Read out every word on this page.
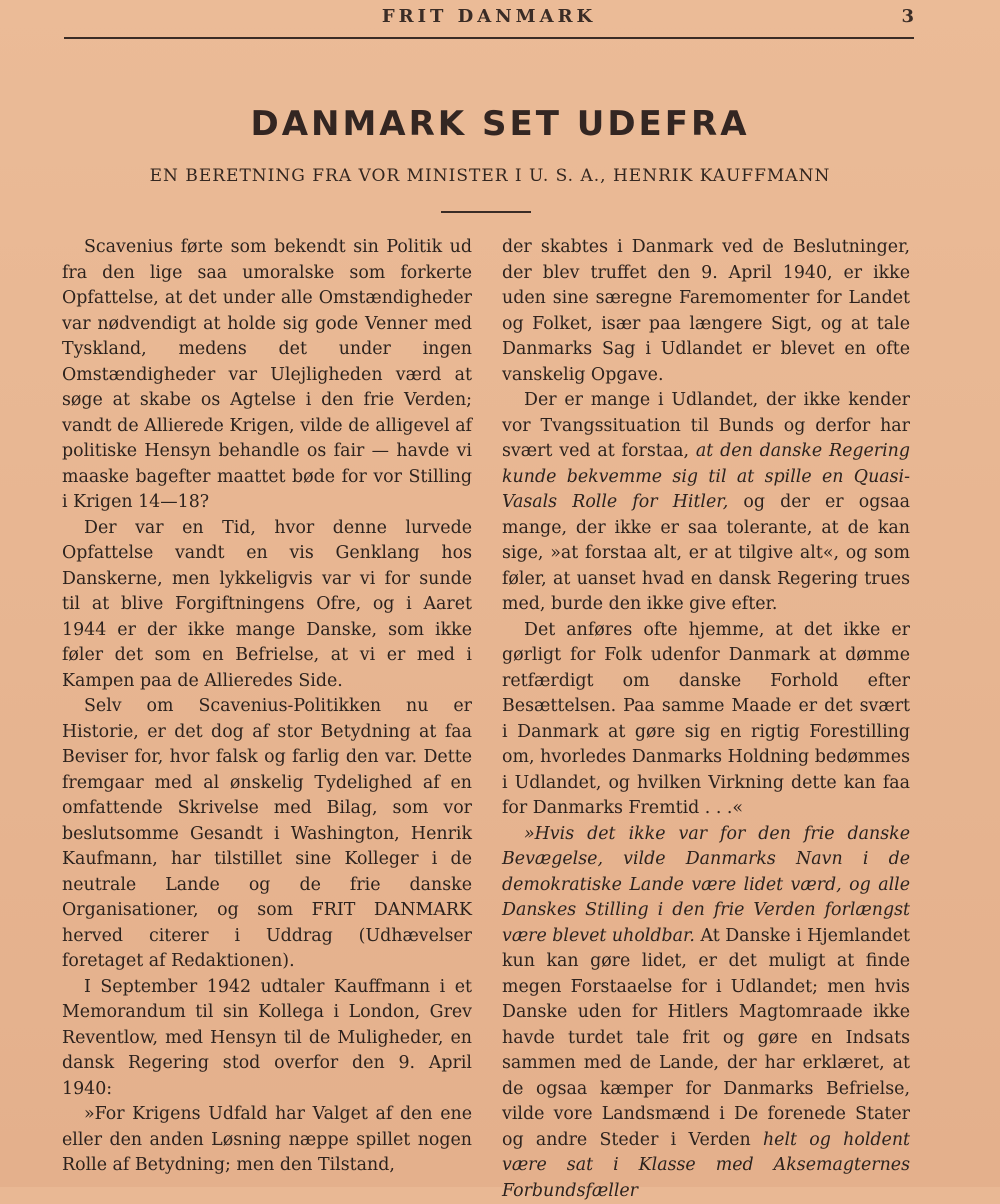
FRIT DANMARK	3
DANMARK SET UDEFRA
EN BERETNING FRA VOR MINISTER I U. S. A., HENRIK KAUFFMANN

Scavenius førte som bekendt sin Politik ud fra den lige saa umoralske som forkerte Opfattelse, at det under alle Omstændigheder var nødvendigt at holde sig gode Venner med Tyskland, medens det under ingen Omstændigheder var Ulejligheden værd at søge at skabe os Agtelse i den frie Verden; vandt de Allierede Krigen, vilde de alligevel af politiske Hensyn behandle os fair — havde vi maaske bagefter maattet bøde for vor Stilling i Krigen 14—18?

Der var en Tid, hvor denne lurvede Opfattelse vandt en vis Genklang hos Danskerne, men lykkeligvis var vi for sunde til at blive Forgiftningens Ofre, og i Aaret 1944 er der ikke mange Danske, som ikke føler det som en Befrielse, at vi er med i Kampen paa de Allieredes Side.

Selv om Scavenius-Politikken nu er Historie, er det dog af stor Betydning at faa Beviser for, hvor falsk og farlig den var. Dette fremgaar med al ønskelig Tydelighed af en omfattende Skrivelse med Bilag, som vor beslutsomme Gesandt i Washington, Henrik Kaufmann, har tilstillet sine Kolleger i de neutrale Lande og de frie danske Organisationer, og som FRIT DANMARK herved citerer i Uddrag (Udhævelser foretaget af Redaktionen).

I September 1942 udtaler Kauffmann i et Memorandum til sin Kollega i London, Grev Reventlow, med Hensyn til de Muligheder, en dansk Regering stod overfor den 9. April 1940:

»For Krigens Udfald har Valget af den ene eller den anden Løsning næppe spillet nogen Rolle af Betydning; men den Tilstand,

der skabtes i Danmark ved de Beslutninger, der blev truffet den 9. April 1940, er ikke uden sine særegne Faremomenter for Landet og Folket, især paa længere Sigt, og at tale Danmarks Sag i Udlandet er blevet en ofte vanskelig Opgave.

Der er mange i Udlandet, der ikke kender vor Tvangssituation til Bunds og derfor har svært ved at forstaa, at den danske Regering kunde bekvemme sig til at spille en Quasi-Vasals Rolle for Hitler, og der er ogsaa mange, der ikke er saa tolerante, at de kan sige, »at forstaa alt, er at tilgive alt«, og som føler, at uanset hvad en dansk Regering trues med, burde den ikke give efter.

Det anføres ofte hjemme, at det ikke er gørligt for Folk udenfor Danmark at dømme retfærdigt om danske Forhold efter Besættelsen. Paa samme Maade er det svært i Danmark at gøre sig en rigtig Forestilling om, hvorledes Danmarks Holdning bedømmes i Udlandet, og hvilken Virkning dette kan faa for Danmarks Fremtid . . .«

»Hvis det ikke var for den frie danske Bevægelse, vilde Danmarks Navn i de demokratiske Lande være lidet værd, og alle Danskes Stilling i den frie Verden forlængst være blevet uholdbar. At Danske i Hjemlandet kun kan gøre lidet, er det muligt at finde megen Forstaaelse for i Udlandet; men hvis Danske uden for Hitlers Magtomraade ikke havde turdet tale frit og gøre en Indsats sammen med de Lande, der har erklæret, at de ogsaa kæmper for Danmarks Befrielse, vilde vore Landsmænd i De forenede Stater og andre Steder i Verden helt og holdent være sat i Klasse med Aksemagternes Forbundsfæller
